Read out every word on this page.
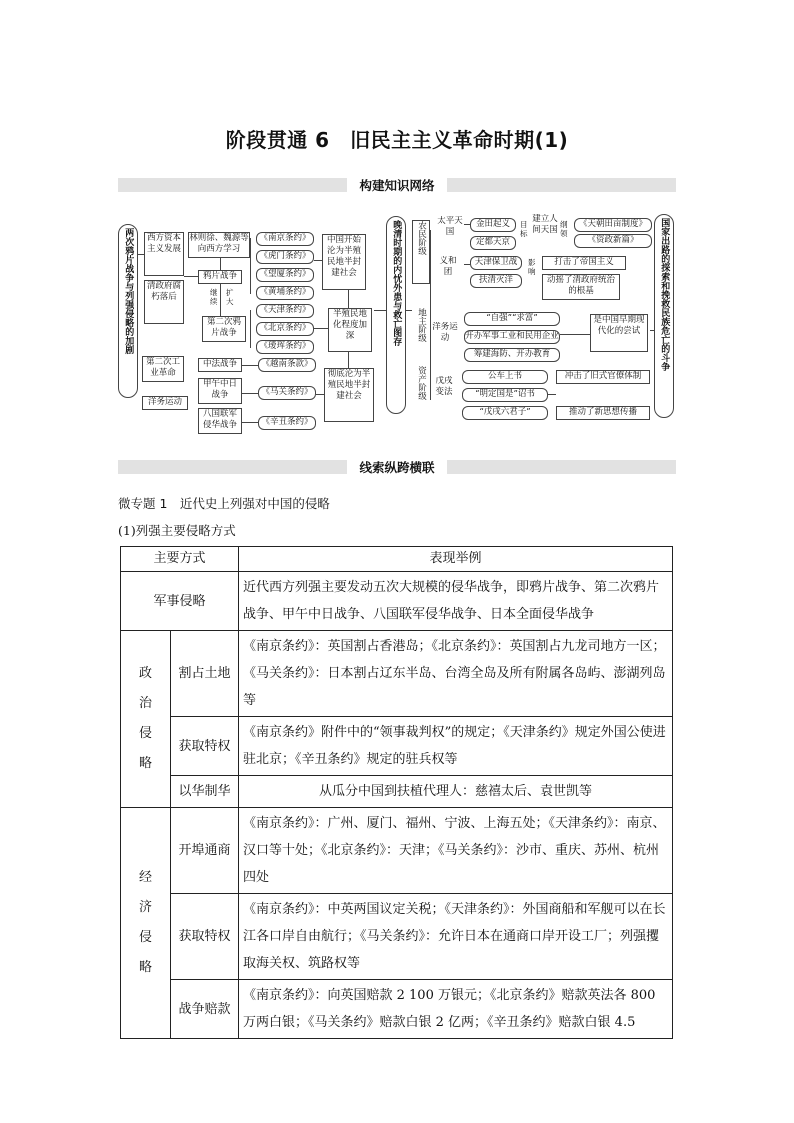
阶段贯通 6　旧民主主义革命时期(1)
构建知识网络
两次鸦片战争与列强侵略的加剧	西方资本主义发展
清政府腐朽落后
林则徐、魏源等向西方学习
鸦片战争
继续
扩大
第二次鸦片战争
《南京条约》
《虎门条约》
《望厦条约》
《黄埔条约》
《天津条约》
《北京条约》
《瑷珲条约》
中国开始沦为半殖民地半封建社会
半殖民地化程度加深
彻底沦为半殖民地半封建社会
第二次工业革命
洋务运动
中法战争
甲午中日战争
八国联军侵华战争
《越南条款》
《马关条约》
《辛丑条约》
晚清时期的内忧外患与救亡图存	农民阶级	太平天国
金田起义
定都天京
目标
建立人间天国
纲领
《天朝田亩制度》
《资政新篇》
义和团
天津保卫战
扶清灭洋
影响
打击了帝国主义
动摇了清政府统治的根基
地主阶级 洋务运动
“自强”“求富”
开办军事工业和民用企业
筹建海防、开办教育
是中国早期现代化的尝试
资产阶级	戊戌变法
公车上书
“明定国是”诏书
“戊戌六君子”
冲击了旧式官僚体制
推动了新思想传播
国家出路的探索和挽救民族危亡的斗争
线索纵跨横联
微专题 1　近代史上列强对中国的侵略
(1)列强主要侵略方式
主要方式		表现举例
军事侵略		近代西方列强主要发动五次大规模的侵华战争，即鸦片战争、第二次鸦片战争、甲午中日战争、八国联军侵华战争、日本全面侵华战争
政治侵略	割占土地	《南京条约》：英国割占香港岛；《北京条约》：英国割占九龙司地方一区；《马关条约》：日本割占辽东半岛、台湾全岛及所有附属各岛屿、澎湖列岛等
	获取特权	《南京条约》附件中的“领事裁判权”的规定；《天津条约》规定外国公使进驻北京；《辛丑条约》规定的驻兵权等
	以华制华	从瓜分中国到扶植代理人：慈禧太后、袁世凯等
经济侵略	开埠通商	《南京条约》：广州、厦门、福州、宁波、上海五处；《天津条约》：南京、汉口等十处；《北京条约》：天津；《马关条约》：沙市、重庆、苏州、杭州四处
	获取特权	《南京条约》：中英两国议定关税；《天津条约》：外国商船和军舰可以在长江各口岸自由航行；《马关条约》：允许日本在通商口岸开设工厂；列强攫取海关权、筑路权等
	战争赔款	《南京条约》：向英国赔款 2 100 万银元；《北京条约》赔款英法各 800 万两白银；《马关条约》赔款白银 2 亿两；《辛丑条约》赔款白银 4.5
